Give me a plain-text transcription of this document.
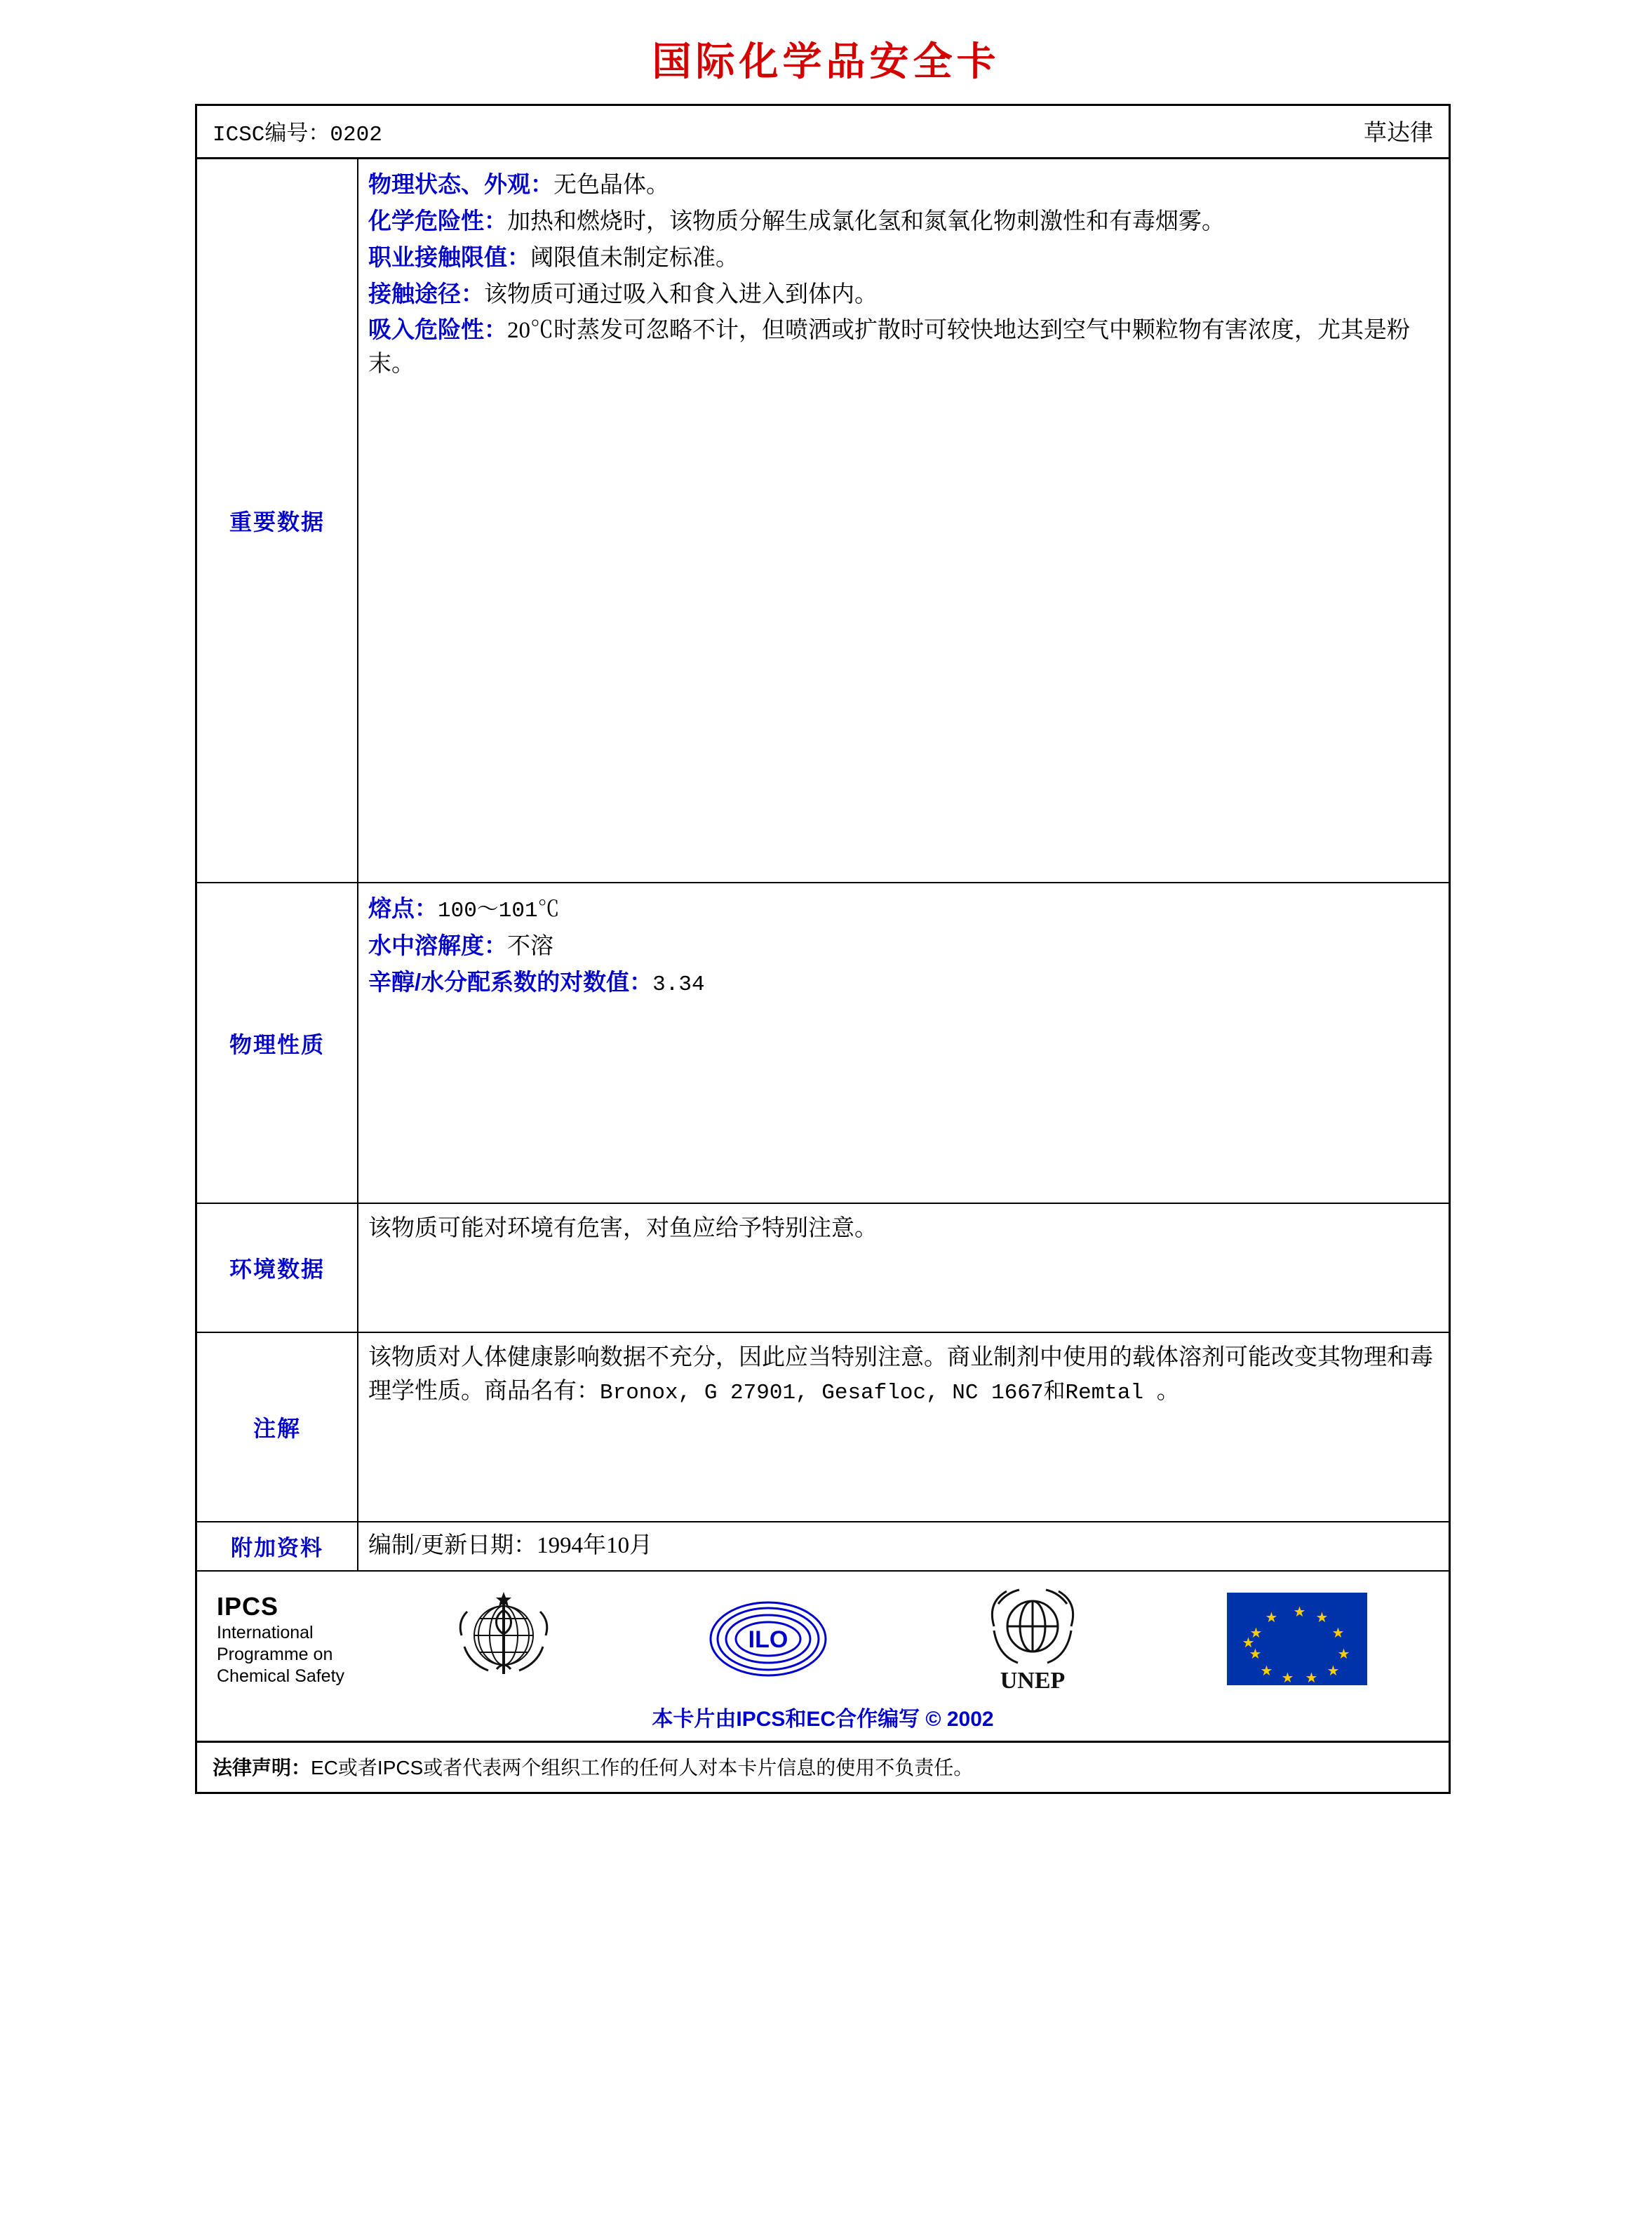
国际化学品安全卡
ICSC编号：0202	草达律
重要数据

物理状态、外观：无色晶体。

化学危险性：加热和燃烧时，该物质分解生成氯化氢和氮氧化物刺激性和有毒烟雾。

职业接触限值：阈限值未制定标准。

接触途径：该物质可通过吸入和食入进入到体内。

吸入危险性：20℃时蒸发可忽略不计，但喷洒或扩散时可较快地达到空气中颗粒物有害浓度，尤其是粉末。

物理性质

熔点：100～101℃

水中溶解度：不溶

辛醇/水分配系数的对数值：3.34

环境数据
该物质可能对环境有危害，对鱼应给予特别注意。
注解
该物质对人体健康影响数据不充分，因此应当特别注意。商业制剂中使用的载体溶剂可能改变其物理和毒理学性质。商品名有：Bronox, G 27901, Gesafloc, NC 1667和Remtal 。
附加资料	编制/更新日期：1994年10月
IPCS
International
Programme on
Chemical Safety
ILO
UNEP
★ ★
★
★
★
★
★
★
★
★
★
★
本卡片由IPCS和EC合作编写 © 2002
法律声明：EC或者IPCS或者代表两个组织工作的任何人对本卡片信息的使用不负责任。
